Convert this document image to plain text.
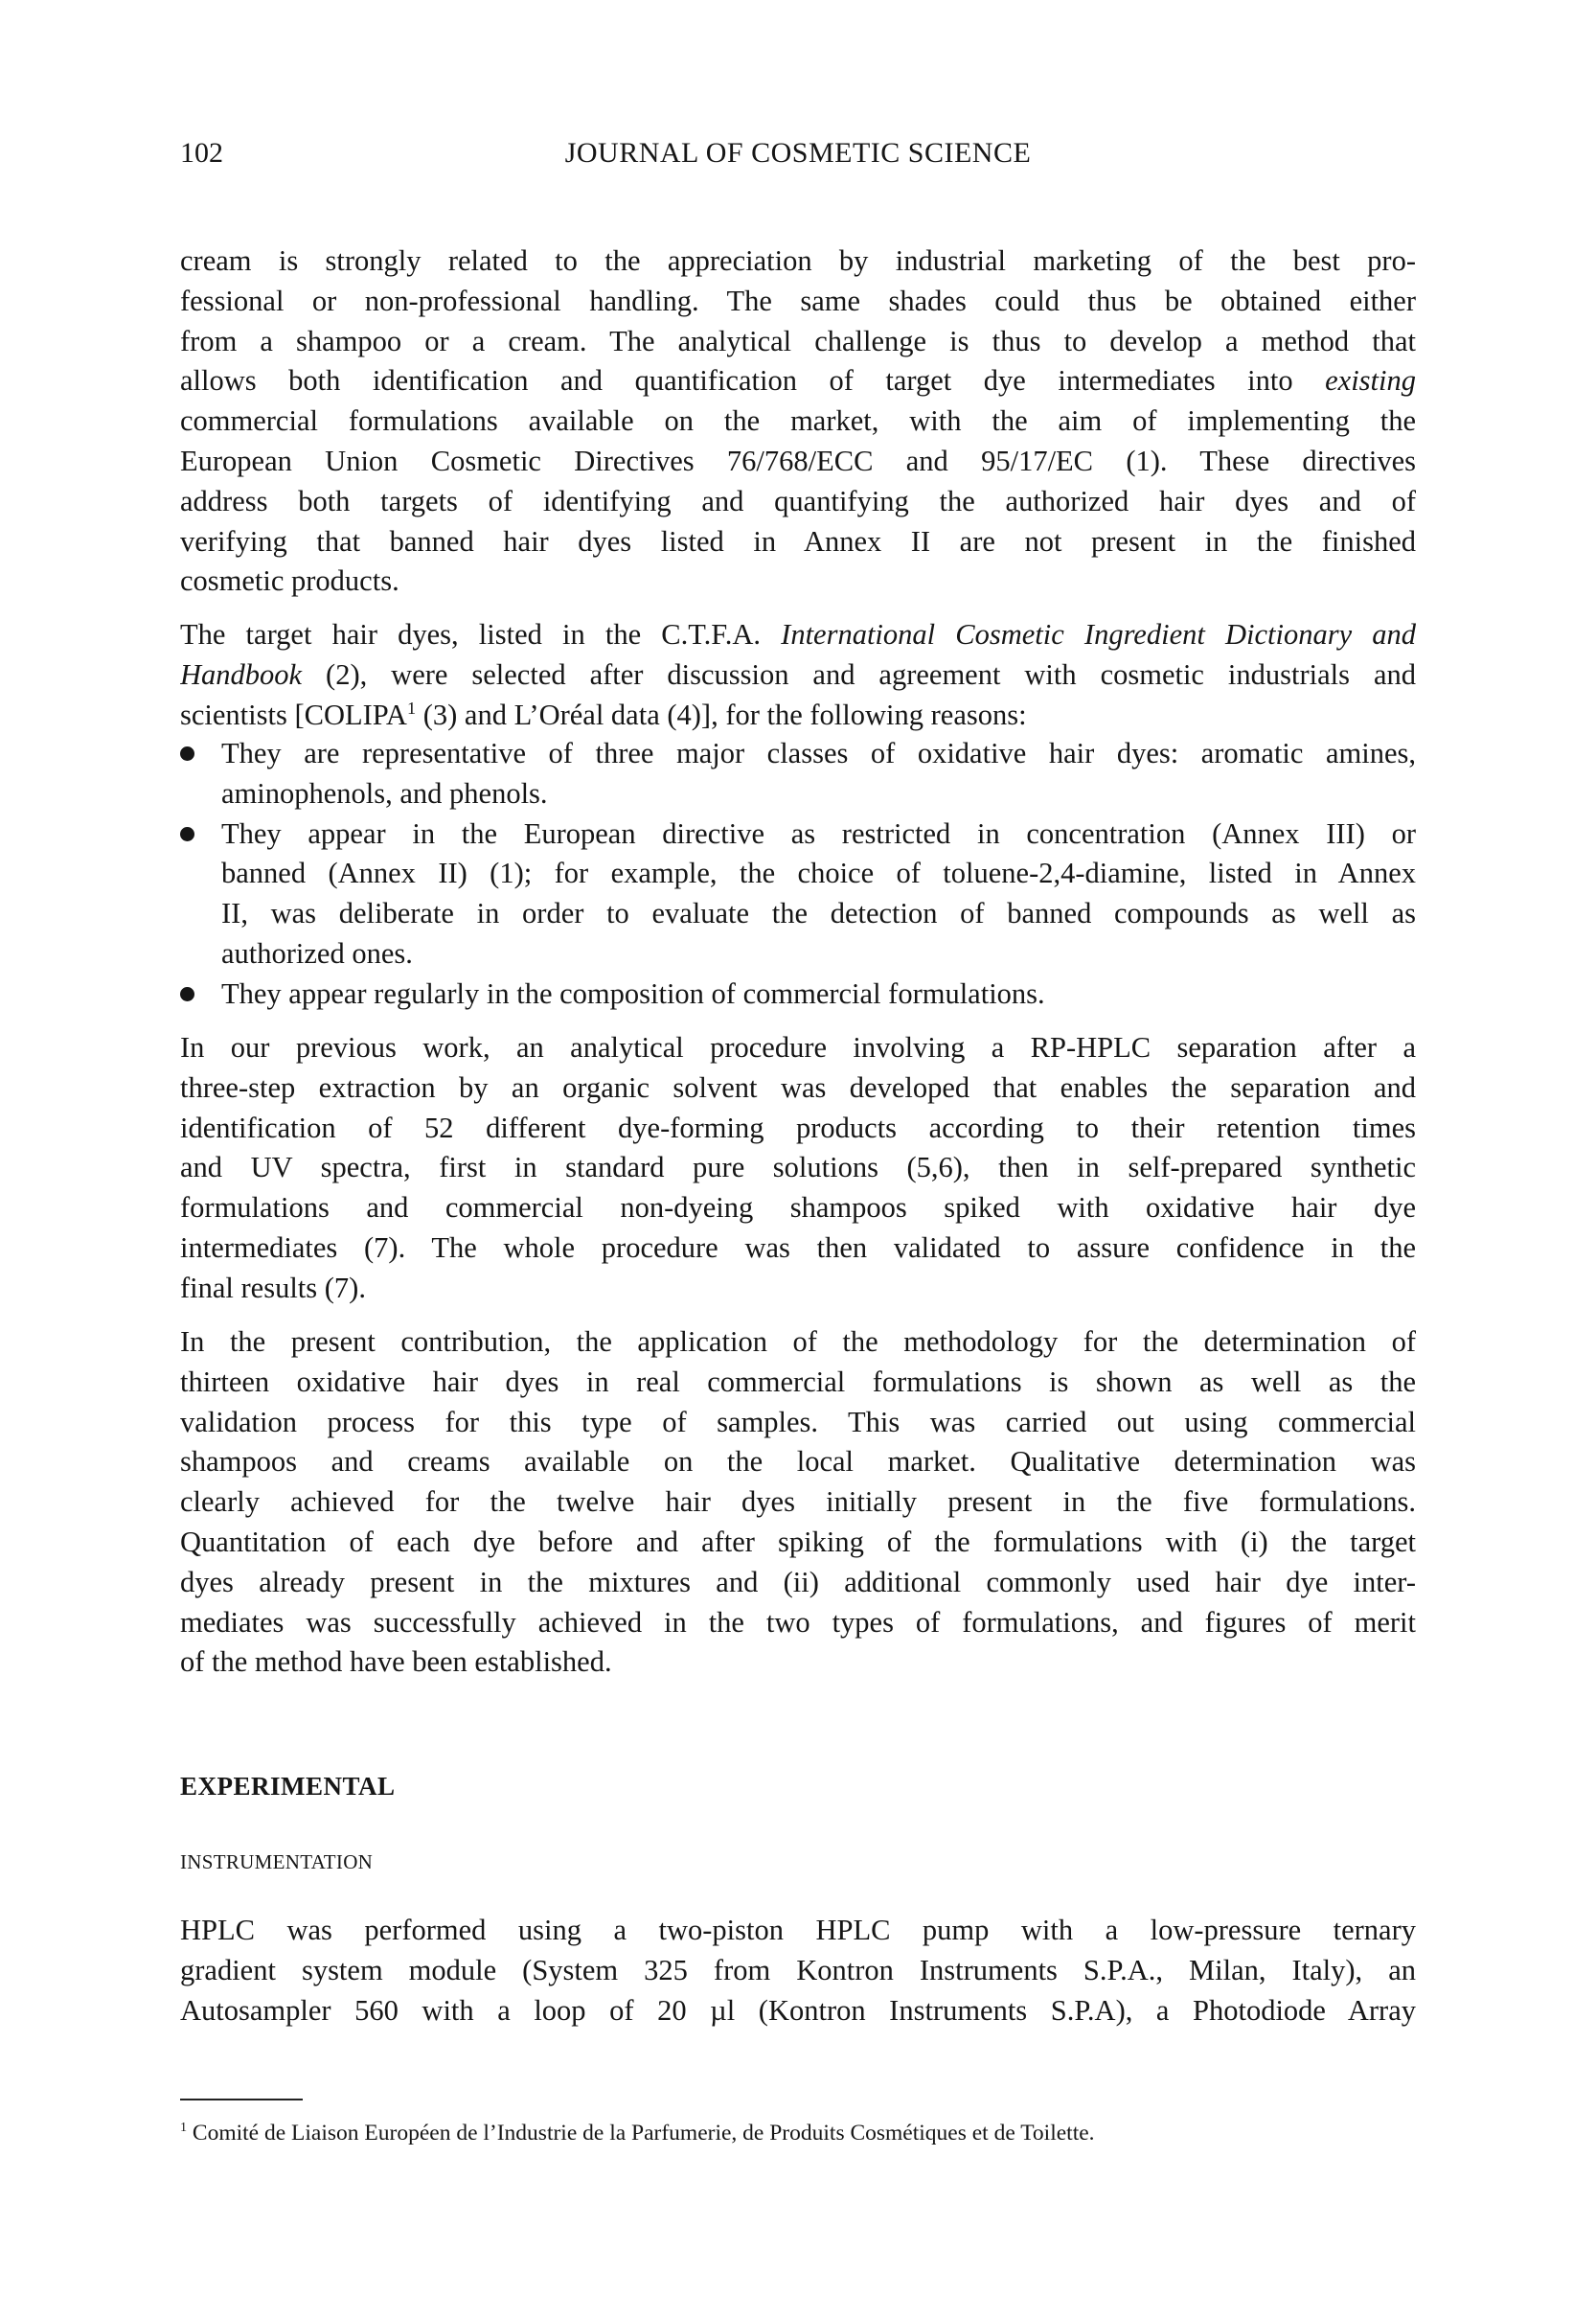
102	JOURNAL OF COSMETIC SCIENCE
cream is strongly related to the appreciation by industrial marketing of the best pro-
fessional or non-professional handling. The same shades could thus be obtained either
from a shampoo or a cream. The analytical challenge is thus to develop a method that
allows both identification and quantification of target dye intermediates into existing
commercial formulations available on the market, with the aim of implementing the
European Union Cosmetic Directives 76/768/ECC and 95/17/EC (1). These directives
address both targets of identifying and quantifying the authorized hair dyes and of
verifying that banned hair dyes listed in Annex II are not present in the finished
cosmetic products.
The target hair dyes, listed in the C.T.F.A. International Cosmetic Ingredient Dictionary and
Handbook (2), were selected after discussion and agreement with cosmetic industrials and
scientists [COLIPA$^1$ (3) and L’Oréal data (4)], for the following reasons:
They are representative of three major classes of oxidative hair dyes: aromatic amines,
aminophenols, and phenols.
They appear in the European directive as restricted in concentration (Annex III) or
banned (Annex II) (1); for example, the choice of toluene-2,4-diamine, listed in Annex
II, was deliberate in order to evaluate the detection of banned compounds as well as
authorized ones.
They appear regularly in the composition of commercial formulations.
In our previous work, an analytical procedure involving a RP-HPLC separation after a
three-step extraction by an organic solvent was developed that enables the separation and
identification of 52 different dye-forming products according to their retention times
and UV spectra, first in standard pure solutions (5,6), then in self-prepared synthetic
formulations and commercial non-dyeing shampoos spiked with oxidative hair dye
intermediates (7). The whole procedure was then validated to assure confidence in the
final results (7).
In the present contribution, the application of the methodology for the determination of
thirteen oxidative hair dyes in real commercial formulations is shown as well as the
validation process for this type of samples. This was carried out using commercial
shampoos and creams available on the local market. Qualitative determination was
clearly achieved for the twelve hair dyes initially present in the five formulations.
Quantitation of each dye before and after spiking of the formulations with (i) the target
dyes already present in the mixtures and (ii) additional commonly used hair dye inter-
mediates was successfully achieved in the two types of formulations, and figures of merit
of the method have been established.
EXPERIMENTAL
INSTRUMENTATION
HPLC was performed using a two-piston HPLC pump with a low-pressure ternary
gradient system module (System 325 from Kontron Instruments S.P.A., Milan, Italy), an
Autosampler 560 with a loop of 20 µl (Kontron Instruments S.P.A), a Photodiode Array
$^1$ Comité de Liaison Européen de l’Industrie de la Parfumerie, de Produits Cosmétiques et de Toilette.
